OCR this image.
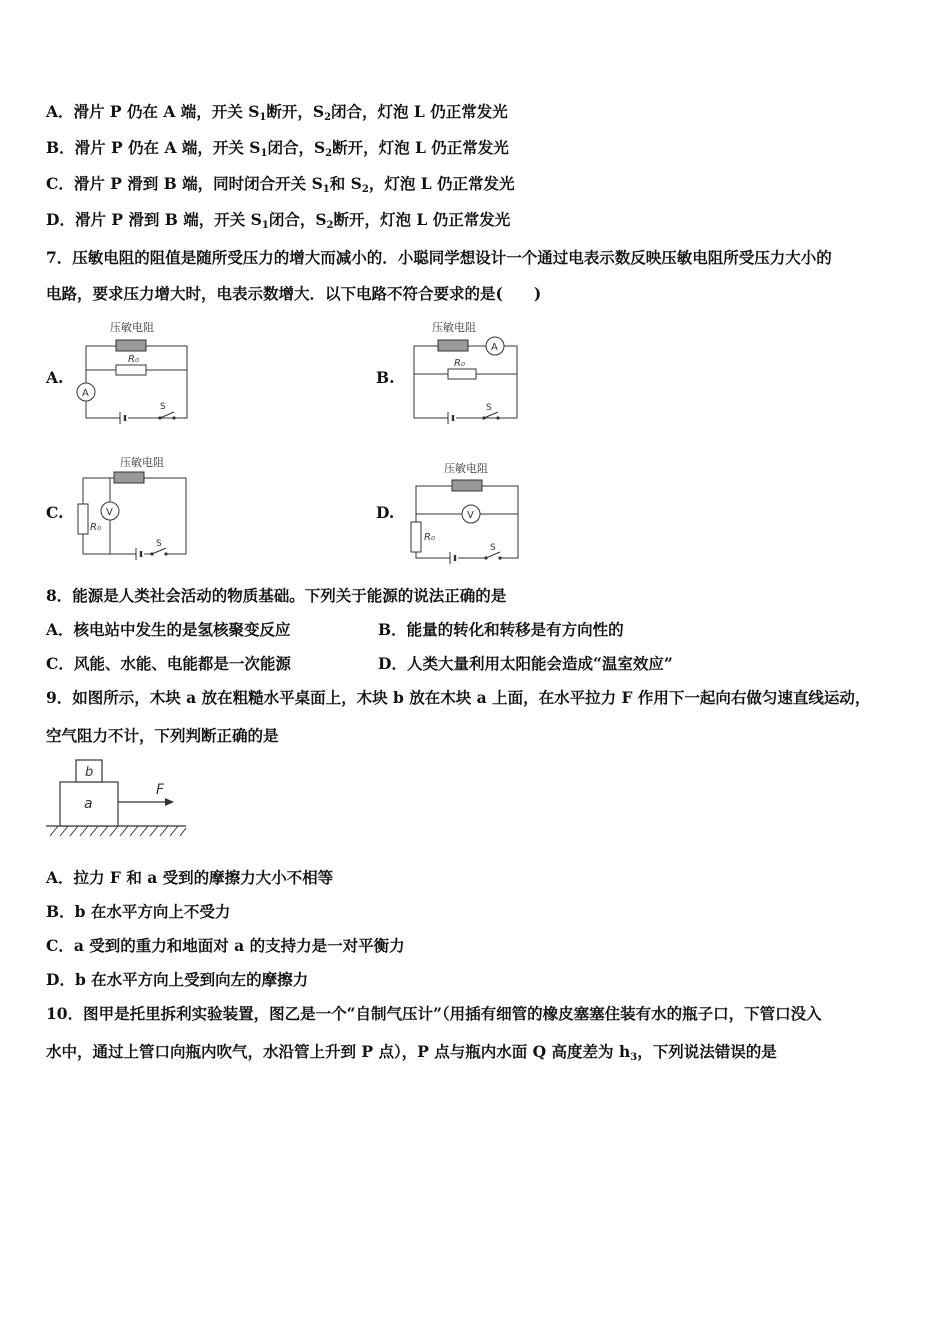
A．滑片 P 仍在 A 端，开关 $S_1$断开，$S_2$闭合，灯泡 L 仍正常发光
B．滑片 P 仍在 A 端，开关 $S_1$闭合，$S_2$断开，灯泡 L 仍正常发光
C．滑片 P 滑到 B 端，同时闭合开关 $S_1$和 $S_2$，灯泡 L 仍正常发光
D．滑片 P 滑到 B 端，开关 $S_1$闭合，$S_2$断开，灯泡 L 仍正常发光
7．压敏电阻的阻值是随所受压力的增大而减小的．小聪同学想设计一个通过电表示数反映压敏电阻所受压力大小的
电路，要求压力增大时，电表示数增大．以下电路不符合要求的是(　　)
A.	B.
C.	D.
压敏电阻
R₀
A
S
压敏电阻
R₀
A
S
压敏电阻
R₀
V
S
压敏电阻
R₀
V
S
8．能源是人类社会活动的物质基础。下列关于能源的说法正确的是
A．核电站中发生的是氢核聚变反应	B．能量的转化和转移是有方向性的
C．风能、水能、电能都是一次能源	D．人类大量利用太阳能会造成“温室效应”
9．如图所示，木块 a 放在粗糙水平桌面上，木块 b 放在木块 a 上面，在水平拉力 F 作用下一起向右做匀速直线运动，
空气阻力不计，下列判断正确的是
a
b
F
A．拉力 F 和 a 受到的摩擦力大小不相等
B．b 在水平方向上不受力
C．a 受到的重力和地面对 a 的支持力是一对平衡力
D．b 在水平方向上受到向左的摩擦力
10．图甲是托里拆利实验装置，图乙是一个“自制气压计”（用插有细管的橡皮塞塞住装有水的瓶子口，下管口没入
水中，通过上管口向瓶内吹气，水沿管上升到 P 点），P 点与瓶内水面 Q 高度差为 $h_3$，下列说法错误的是
